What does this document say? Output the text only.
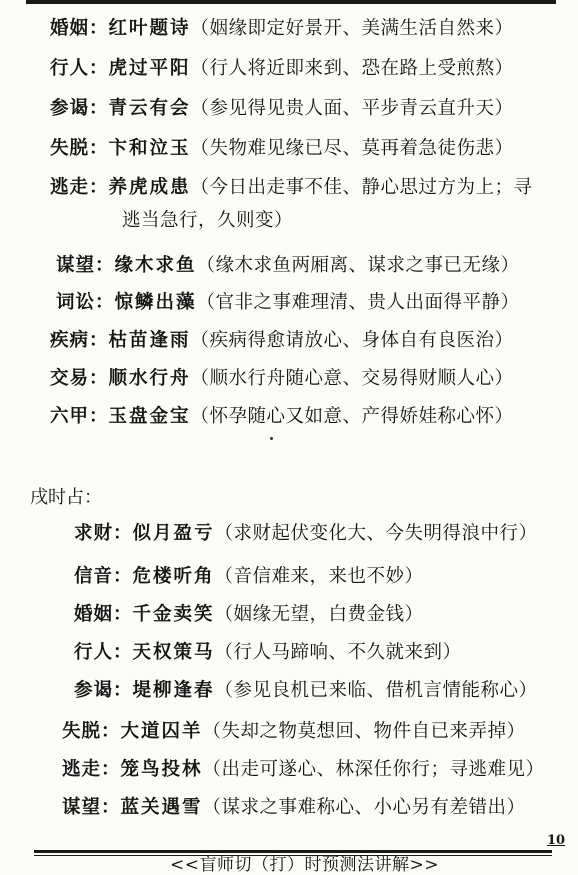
婚姻：红叶题诗（姻缘即定好景开、美满生活自然来）
行人：虎过平阳（行人将近即来到、恐在路上受煎熬）
参谒：青云有会（参见得见贵人面、平步青云直升天）
失脱：卞和泣玉（失物难见缘已尽、莫再着急徒伤悲）
逃走：养虎成患（今日出走事不佳、静心思过方为上；寻
逃当急行，久则变）
谋望：缘木求鱼（缘木求鱼两厢离、谋求之事已无缘）
词讼：惊鳞出藻（官非之事难理清、贵人出面得平静）
疾病：枯苗逢雨（疾病得愈请放心、身体自有良医治）
交易：顺水行舟（顺水行舟随心意、交易得财顺人心）
六甲：玉盘金宝（怀孕随心又如意、产得娇娃称心怀）
戌时占：
求财：似月盈亏（求财起伏变化大、今失明得浪中行）
信音：危楼听角（音信难来，来也不妙）
婚姻：千金卖笑（姻缘无望，白费金钱）
行人：天权策马（行人马蹄响、不久就来到）
参谒：堤柳逢春（参见良机已来临、借机言情能称心）
失脱：大道囚羊（失却之物莫想回、物件自已来弄掉）
逃走：笼鸟投林（出走可遂心、林深任你行；寻逃难见）
谋望：蓝关遇雪（谋求之事难称心、小心另有差错出）
10
<<盲师切（打）时预测法讲解>>
